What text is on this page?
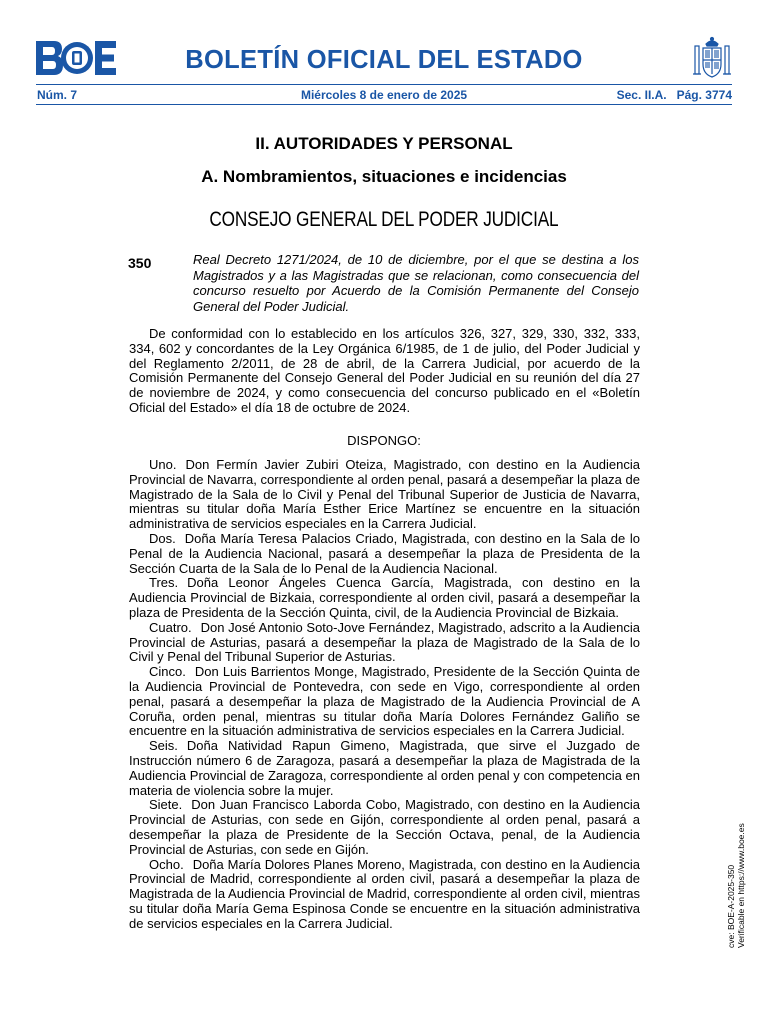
BOLETÍN OFICIAL DEL ESTADO
Núm. 7	Miércoles 8 de enero de 2025	Sec. II.A. Pág. 3774
II. AUTORIDADES Y PERSONAL
A. Nombramientos, situaciones e incidencias
CONSEJO GENERAL DEL PODER JUDICIAL
350	Real Decreto 1271/2024, de 10 de diciembre, por el que se destina a los Magistrados y a las Magistradas que se relacionan, como consecuencia del concurso resuelto por Acuerdo de la Comisión Permanente del Consejo General del Poder Judicial.

De conformidad con lo establecido en los artículos 326, 327, 329, 330, 332, 333, 334, 602 y concordantes de la Ley Orgánica 6/1985, de 1 de julio, del Poder Judicial y del Reglamento 2/2011, de 28 de abril, de la Carrera Judicial, por acuerdo de la Comisión Permanente del Consejo General del Poder Judicial en su reunión del día 27 de noviembre de 2024, y como consecuencia del concurso publicado en el «Boletín Oficial del Estado» el día 18 de octubre de 2024.

DISPONGO:

Uno. Don Fermín Javier Zubiri Oteiza, Magistrado, con destino en la Audiencia Provincial de Navarra, correspondiente al orden penal, pasará a desempeñar la plaza de Magistrado de la Sala de lo Civil y Penal del Tribunal Superior de Justicia de Navarra, mientras su titular doña María Esther Erice Martínez se encuentre en la situación administrativa de servicios especiales en la Carrera Judicial.

Dos. Doña María Teresa Palacios Criado, Magistrada, con destino en la Sala de lo Penal de la Audiencia Nacional, pasará a desempeñar la plaza de Presidenta de la Sección Cuarta de la Sala de lo Penal de la Audiencia Nacional.

Tres. Doña Leonor Ángeles Cuenca García, Magistrada, con destino en la Audiencia Provincial de Bizkaia, correspondiente al orden civil, pasará a desempeñar la plaza de Presidenta de la Sección Quinta, civil, de la Audiencia Provincial de Bizkaia.

Cuatro. Don José Antonio Soto-Jove Fernández, Magistrado, adscrito a la Audiencia Provincial de Asturias, pasará a desempeñar la plaza de Magistrado de la Sala de lo Civil y Penal del Tribunal Superior de Asturias.

Cinco. Don Luis Barrientos Monge, Magistrado, Presidente de la Sección Quinta de la Audiencia Provincial de Pontevedra, con sede en Vigo, correspondiente al orden penal, pasará a desempeñar la plaza de Magistrado de la Audiencia Provincial de A Coruña, orden penal, mientras su titular doña María Dolores Fernández Galiño se encuentre en la situación administrativa de servicios especiales en la Carrera Judicial.

Seis. Doña Natividad Rapun Gimeno, Magistrada, que sirve el Juzgado de Instrucción número 6 de Zaragoza, pasará a desempeñar la plaza de Magistrada de la Audiencia Provincial de Zaragoza, correspondiente al orden penal y con competencia en materia de violencia sobre la mujer.

Siete. Don Juan Francisco Laborda Cobo, Magistrado, con destino en la Audiencia Provincial de Asturias, con sede en Gijón, correspondiente al orden penal, pasará a desempeñar la plaza de Presidente de la Sección Octava, penal, de la Audiencia Provincial de Asturias, con sede en Gijón.

Ocho. Doña María Dolores Planes Moreno, Magistrada, con destino en la Audiencia Provincial de Madrid, correspondiente al orden civil, pasará a desempeñar la plaza de Magistrada de la Audiencia Provincial de Madrid, correspondiente al orden civil, mientras su titular doña María Gema Espinosa Conde se encuentre en la situación administrativa de servicios especiales en la Carrera Judicial.	cve: BOE-A-2025-350 Verificable en https://www.boe.es
